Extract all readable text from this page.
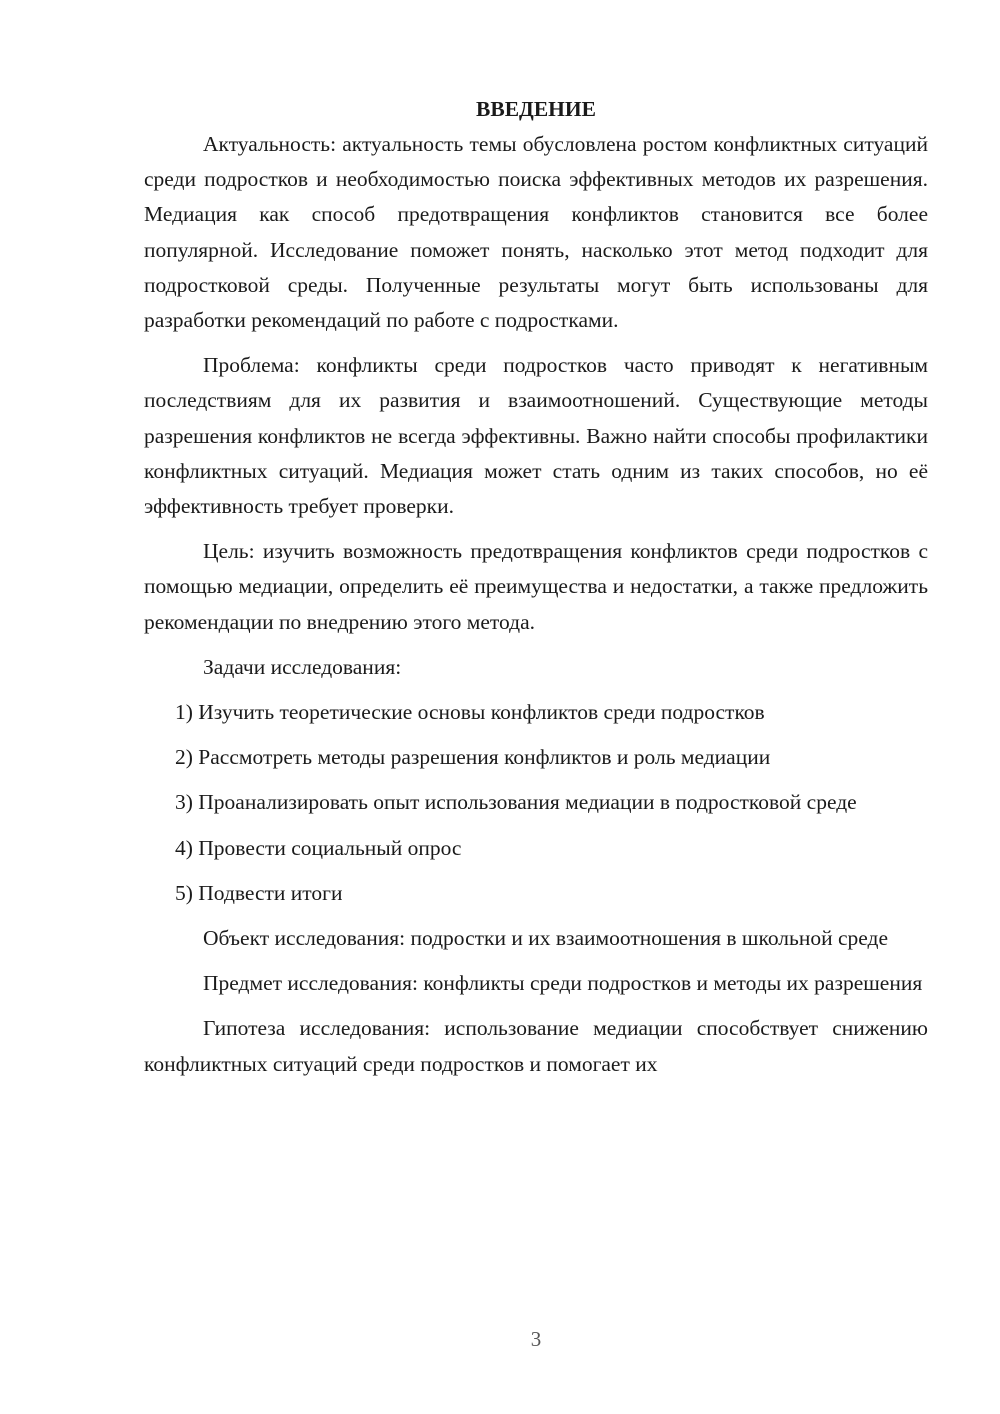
ВВЕДЕНИЕ

Актуальность: актуальность темы обусловлена ростом конфликтных ситуаций среди подростков и необходимостью поиска эффективных методов их разрешения. Медиация как способ предотвращения конфликтов становится все более популярной. Исследование поможет понять, насколько этот метод подходит для подростковой среды. Полученные результаты могут быть использованы для разработки рекомендаций по работе с подростками.

Проблема: конфликты среди подростков часто приводят к негативным последствиям для их развития и взаимоотношений. Существующие методы разрешения конфликтов не всегда эффективны. Важно найти способы профилактики конфликтных ситуаций. Медиация может стать одним из таких способов, но её эффективность требует проверки.

Цель: изучить возможность предотвращения конфликтов среди подростков с помощью медиации, определить её преимущества и недостатки, а также предложить рекомендации по внедрению этого метода.

Задачи исследования:

1) Изучить теоретические основы конфликтов среди подростков

2) Рассмотреть методы разрешения конфликтов и роль медиации

3) Проанализировать опыт использования медиации в подростковой среде

4) Провести социальный опрос

5) Подвести итоги

Объект исследования: подростки и их взаимоотношения в школьной среде

Предмет исследования: конфликты среди подростков и методы их разрешения

Гипотеза исследования: использование медиации способствует снижению конфликтных ситуаций среди подростков и помогает их

3
